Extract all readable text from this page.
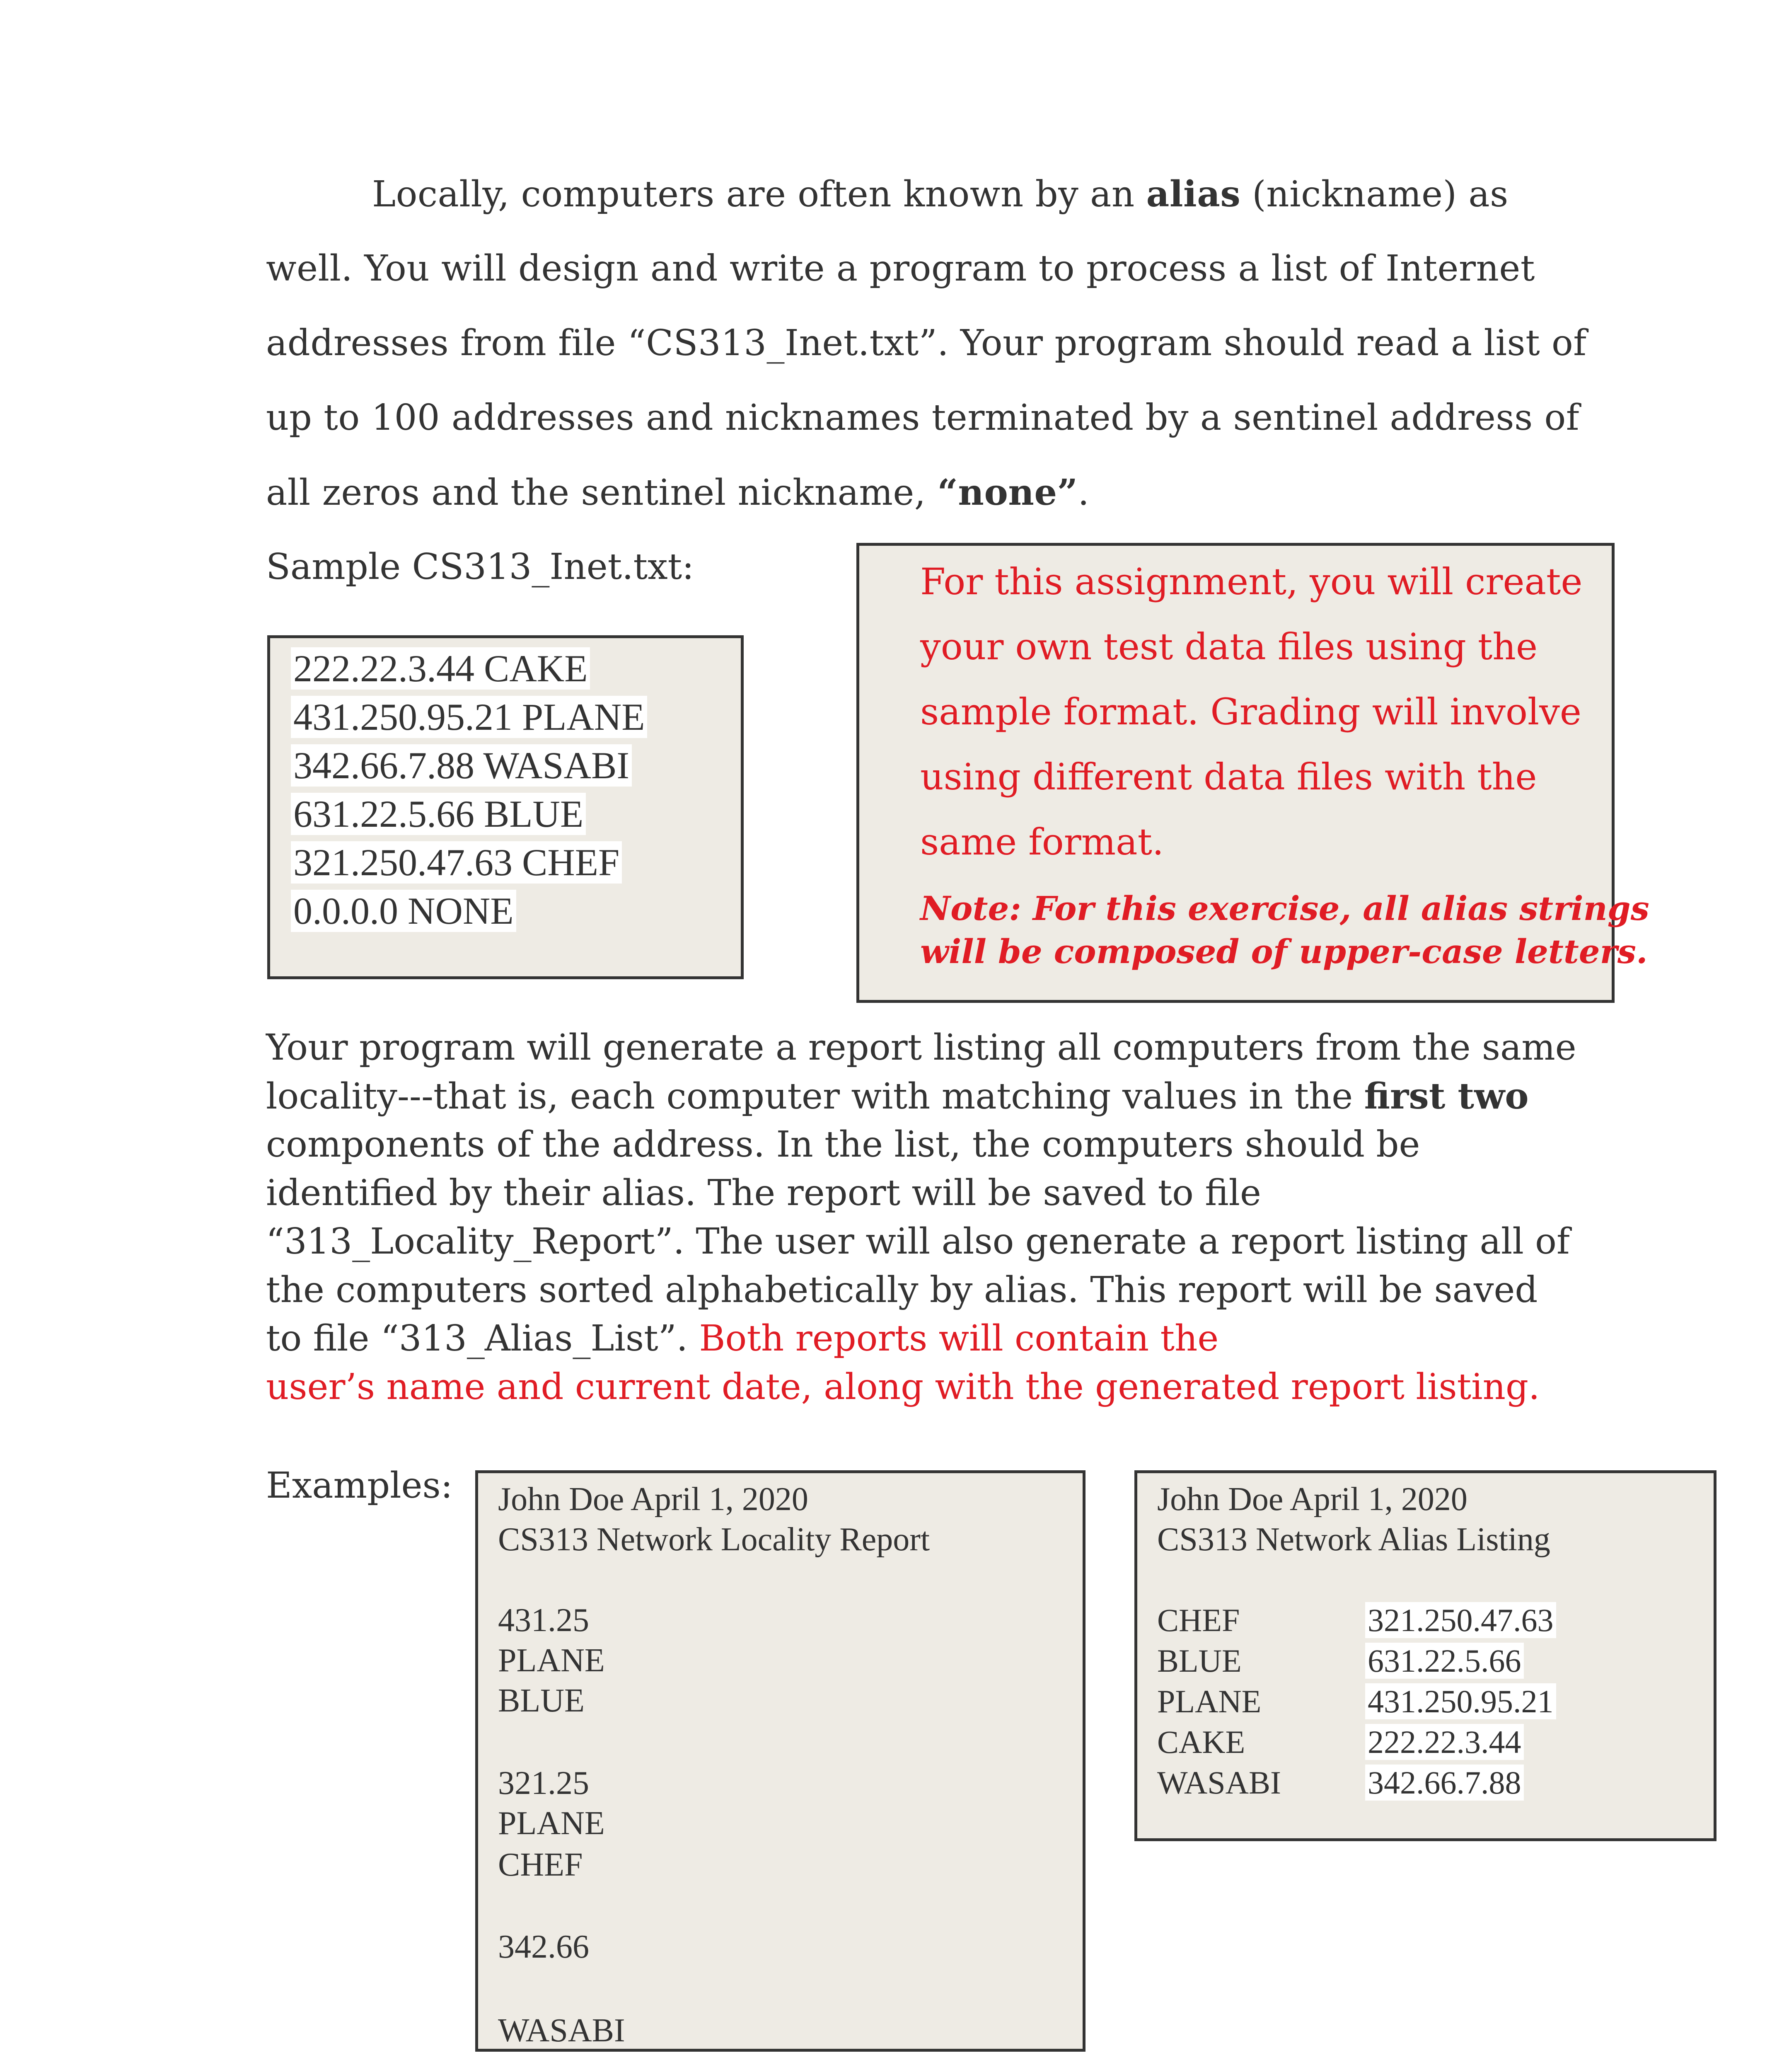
Locally, computers are often known by an alias (nickname) as
well. You will design and write a program to process a list of Internet
addresses from file “CS313_Inet.txt”. Your program should read a list of
up to 100 addresses and nicknames terminated by a sentinel address of
all zeros and the sentinel nickname, “none”.
Sample CS313_Inet.txt:
222.22.3.44 CAKE
431.250.95.21 PLANE
342.66.7.88 WASABI
631.22.5.66 BLUE
321.250.47.63 CHEF
0.0.0.0 NONE
For this assignment, you will create
your own test data files using the
sample format. Grading will involve
using different data files with the
same format.
Note: For this exercise, all alias strings
will be composed of upper-case letters.
Your program will generate a report listing all computers from the same
locality---that is, each computer with matching values in the first two
components of the address. In the list, the computers should be
identified by their alias. The report will be saved to file
“313_Locality_Report”. The user will also generate a report listing all of
the computers sorted alphabetically by alias. This report will be saved
to file “313_Alias_List”. Both reports will contain the
user’s name and current date, along with the generated report listing.
Examples: John Doe April 1, 2020
CS313 Network Locality Report
431.25
PLANE
BLUE
321.25
PLANE
CHEF
342.66
WASABI
John Doe April 1, 2020
CS313 Network Alias Listing
CHEF	321.250.47.63
BLUE	631.22.5.66
PLANE	431.250.95.21
CAKE	222.22.3.44
WASABI	342.66.7.88
